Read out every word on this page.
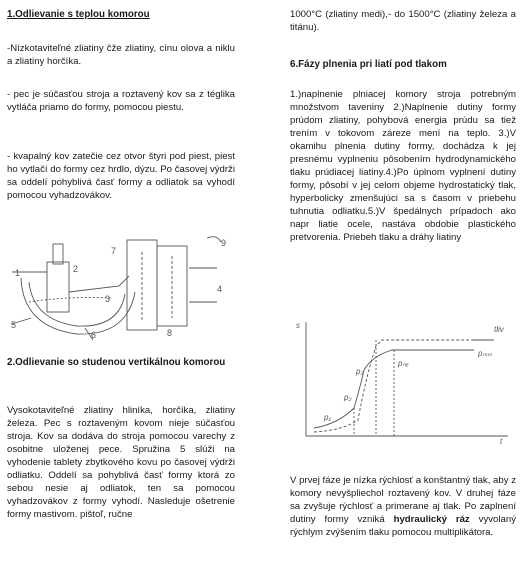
1.Odlievanie s teplou komorou

-Nízkotaviteľné zliatiny čže zliatiny, cínu olova a niklu a zliatiny horčíka.

- pec je súčasťou stroja a roztavený kov sa z téglika vytláča priamo do formy, pomocou piestu.

- kvapalný kov zatečie cez otvor štyri pod piest, piest ho vytlačí do formy cez hrdlo, dýzu. Po časovej výdrži sa oddelí pohyblivá časť formy a odliatok sa vyhodí pomocou vyhadzovákov.

1
5
6
7
8
9
2
3
4
2.Odlievanie so studenou vertikálnou komorou

Vysokotaviteľné zliatiny hliníka, horčíka, zliatiny železa. Pec s roztaveným kovom nieje súčasťou stroja. Kov sa dodáva do stroja pomocou varechy z osobitne uloženej pece. Spružina 5 slúži na vyhodenie tablety zbytkového kovu po časovej výdrži odliatku. Oddelí sa pohyblivá časť formy ktorá zo sebou nesie aj odliatok, ten sa pomocou vyhadzovákov z formy vyhodí. Nasleduje ošetrenie formy mastivom. pištoľ, ručne

1000°C (zliatiny medi),- do 1500°C (zliatiny železa a titánu).

6.Fázy plnenia pri liatí pod tlakom

1.)naplnenie plniacej komory stroja potrebným množstvom taveniny 2.)Naplnenie dutiny formy prúdom zliatiny, pohybová energia prúdu sa tiež trením v tokovom záreze mení na teplo. 3.)V okamihu plnenia dutiny formy, dochádza k jej presnému vyplneniu pôsobením hydrodynamického tlaku prúdiacej liatiny.4.)Po úplnom vyplnení dutiny formy, pôsobí v jej celom objeme hydrostatický tlak, hyperbolicky zmenšujúci sa s časom v priebehu tuhnutia odliatku.5.)V špedálnych prípadoch ako napr liatie ocele, nastáva obdobie plastického pretvorenia. Priebeh tlaku a dráhy liatiny

p₁
p₂
p₃
pₙₑ
pₙₙₙ
t
s	tliv

V prvej fáze je nízka rýchlosť a konštantný tlak, aby z komory nevyšpliechol roztavený kov. V druhej fáze sa zvyšuje rýchlosť a primerane aj tlak. Po zaplnení dutiny formy vzniká hydraulický ráz vyvolaný rýchlym zvýšením tlaku pomocou multiplikátora.
